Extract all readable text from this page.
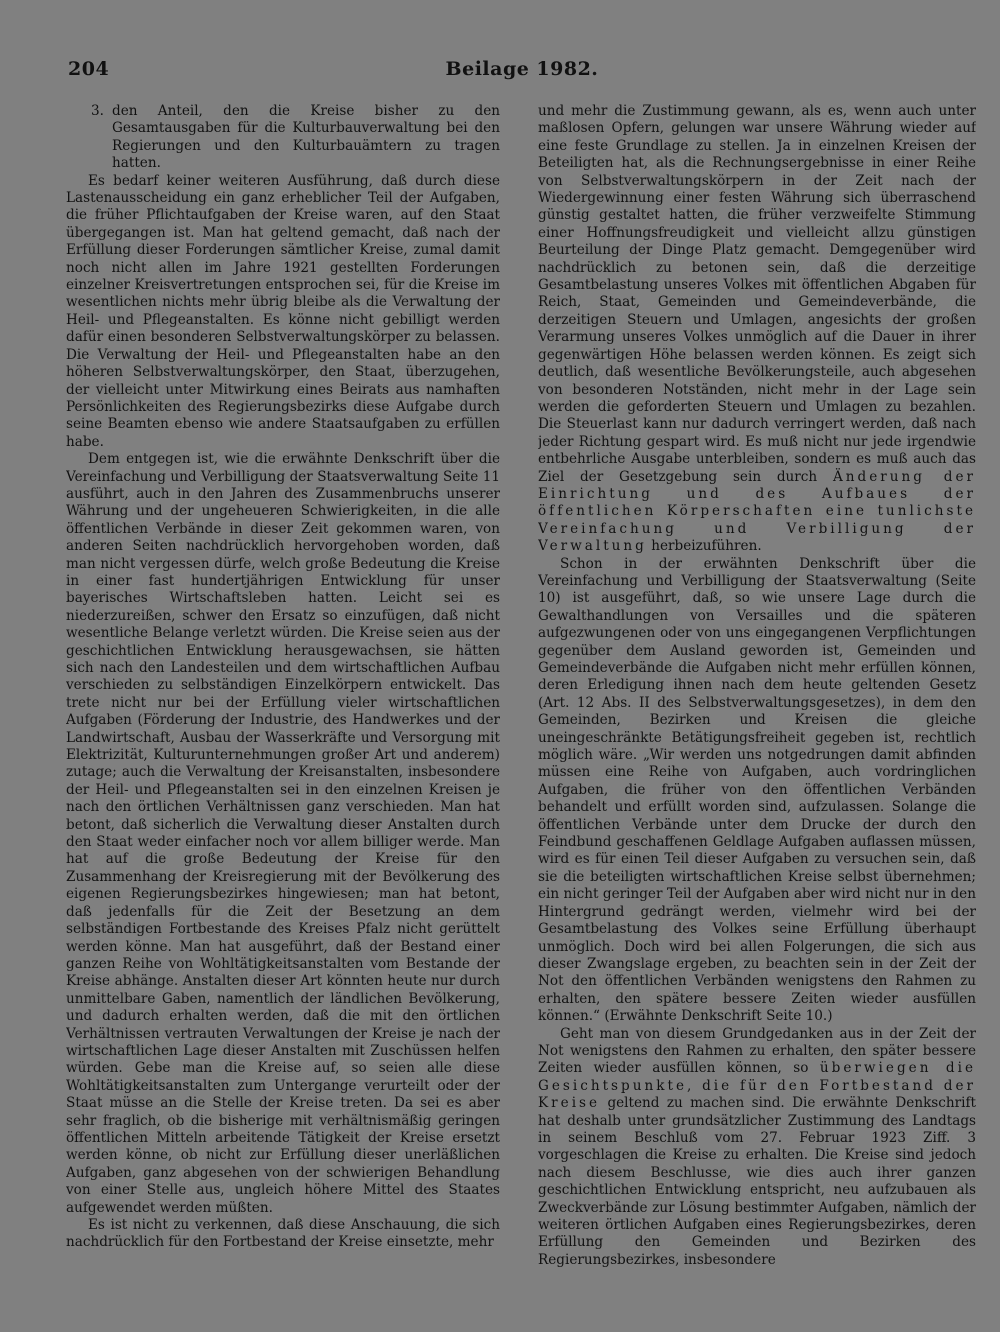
204	Beilage 1982.
3. den Anteil, den die Kreise bisher zu den Gesamtausgaben für die Kulturbauverwaltung bei den Regierungen und den Kulturbauämtern zu tragen hatten.

Es bedarf keiner weiteren Ausführung, daß durch diese Lastenausscheidung ein ganz erheblicher Teil der Aufgaben, die früher Pflichtaufgaben der Kreise waren, auf den Staat übergegangen ist. Man hat geltend gemacht, daß nach der Erfüllung dieser Forderungen sämtlicher Kreise, zumal damit noch nicht allen im Jahre 1921 gestellten Forderungen einzelner Kreisvertretungen entsprochen sei, für die Kreise im wesentlichen nichts mehr übrig bleibe als die Verwaltung der Heil- und Pflegeanstalten. Es könne nicht gebilligt werden dafür einen besonderen Selbstverwaltungskörper zu belassen. Die Verwaltung der Heil- und Pflegeanstalten habe an den höheren Selbstverwaltungskörper, den Staat, überzugehen, der vielleicht unter Mitwirkung eines Beirats aus namhaften Persönlichkeiten des Regierungsbezirks diese Aufgabe durch seine Beamten ebenso wie andere Staatsaufgaben zu erfüllen habe.

Dem entgegen ist, wie die erwähnte Denkschrift über die Vereinfachung und Verbilligung der Staatsverwaltung Seite 11 ausführt, auch in den Jahren des Zusammenbruchs unserer Währung und der ungeheueren Schwierigkeiten, in die alle öffentlichen Verbände in dieser Zeit gekommen waren, von anderen Seiten nachdrücklich hervorgehoben worden, daß man nicht vergessen dürfe, welch große Bedeutung die Kreise in einer fast hundertjährigen Entwicklung für unser bayerisches Wirtschaftsleben hatten. Leicht sei es niederzureißen, schwer den Ersatz so einzufügen, daß nicht wesentliche Belange verletzt würden. Die Kreise seien aus der geschichtlichen Entwicklung herausgewachsen, sie hätten sich nach den Landesteilen und dem wirtschaftlichen Aufbau verschieden zu selbständigen Einzelkörpern entwickelt. Das trete nicht nur bei der Erfüllung vieler wirtschaftlichen Aufgaben (Förderung der Industrie, des Handwerkes und der Landwirtschaft, Ausbau der Wasserkräfte und Versorgung mit Elektrizität, Kulturunternehmungen großer Art und anderem) zutage; auch die Verwaltung der Kreisanstalten, insbesondere der Heil- und Pflegeanstalten sei in den einzelnen Kreisen je nach den örtlichen Verhältnissen ganz verschieden. Man hat betont, daß sicherlich die Verwaltung dieser Anstalten durch den Staat weder einfacher noch vor allem billiger werde. Man hat auf die große Bedeutung der Kreise für den Zusammenhang der Kreisregierung mit der Bevölkerung des eigenen Regierungsbezirkes hingewiesen; man hat betont, daß jedenfalls für die Zeit der Besetzung an dem selbständigen Fortbestande des Kreises Pfalz nicht gerüttelt werden könne. Man hat ausgeführt, daß der Bestand einer ganzen Reihe von Wohltätigkeitsanstalten vom Bestande der Kreise abhänge. Anstalten dieser Art könnten heute nur durch unmittelbare Gaben, namentlich der ländlichen Bevölkerung, und dadurch erhalten werden, daß die mit den örtlichen Verhältnissen vertrauten Verwaltungen der Kreise je nach der wirtschaftlichen Lage dieser Anstalten mit Zuschüssen helfen würden. Gebe man die Kreise auf, so seien alle diese Wohltätigkeitsanstalten zum Untergange verurteilt oder der Staat müsse an die Stelle der Kreise treten. Da sei es aber sehr fraglich, ob die bisherige mit verhältnismäßig geringen öffentlichen Mitteln arbeitende Tätigkeit der Kreise ersetzt werden könne, ob nicht zur Erfüllung dieser unerläßlichen Aufgaben, ganz abgesehen von der schwierigen Behandlung von einer Stelle aus, ungleich höhere Mittel des Staates aufgewendet werden müßten.

Es ist nicht zu verkennen, daß diese Anschauung, die sich nachdrücklich für den Fortbestand der Kreise einsetzte, mehr

und mehr die Zustimmung gewann, als es, wenn auch unter maßlosen Opfern, gelungen war unsere Währung wieder auf eine feste Grundlage zu stellen. Ja in einzelnen Kreisen der Beteiligten hat, als die Rechnungsergebnisse in einer Reihe von Selbstverwaltungskörpern in der Zeit nach der Wiedergewinnung einer festen Währung sich überraschend günstig gestaltet hatten, die früher verzweifelte Stimmung einer Hoffnungsfreudigkeit und vielleicht allzu günstigen Beurteilung der Dinge Platz gemacht. Demgegenüber wird nachdrücklich zu betonen sein, daß die derzeitige Gesamtbelastung unseres Volkes mit öffentlichen Abgaben für Reich, Staat, Gemeinden und Gemeindeverbände, die derzeitigen Steuern und Umlagen, angesichts der großen Verarmung unseres Volkes unmöglich auf die Dauer in ihrer gegenwärtigen Höhe belassen werden können. Es zeigt sich deutlich, daß wesentliche Bevölkerungsteile, auch abgesehen von besonderen Notständen, nicht mehr in der Lage sein werden die geforderten Steuern und Umlagen zu bezahlen. Die Steuerlast kann nur dadurch verringert werden, daß nach jeder Richtung gespart wird. Es muß nicht nur jede irgendwie entbehrliche Ausgabe unterbleiben, sondern es muß auch das Ziel der Gesetzgebung sein durch Änderung der Einrichtung und des Aufbaues der öffentlichen Körperschaften eine tunlichste Vereinfachung und Verbilligung der Verwaltung herbeizuführen.

Schon in der erwähnten Denkschrift über die Vereinfachung und Verbilligung der Staatsverwaltung (Seite 10) ist ausgeführt, daß, so wie unsere Lage durch die Gewalthandlungen von Versailles und die späteren aufgezwungenen oder von uns eingegangenen Verpflichtungen gegenüber dem Ausland geworden ist, Gemeinden und Gemeindeverbände die Aufgaben nicht mehr erfüllen können, deren Erledigung ihnen nach dem heute geltenden Gesetz (Art. 12 Abs. II des Selbstverwaltungsgesetzes), in dem den Gemeinden, Bezirken und Kreisen die gleiche uneingeschränkte Betätigungsfreiheit gegeben ist, rechtlich möglich wäre. „Wir werden uns notgedrungen damit abfinden müssen eine Reihe von Aufgaben, auch vordringlichen Aufgaben, die früher von den öffentlichen Verbänden behandelt und erfüllt worden sind, aufzulassen. Solange die öffentlichen Verbände unter dem Drucke der durch den Feindbund geschaffenen Geldlage Aufgaben auflassen müssen, wird es für einen Teil dieser Aufgaben zu versuchen sein, daß sie die beteiligten wirtschaftlichen Kreise selbst übernehmen; ein nicht geringer Teil der Aufgaben aber wird nicht nur in den Hintergrund gedrängt werden, vielmehr wird bei der Gesamtbelastung des Volkes seine Erfüllung überhaupt unmöglich. Doch wird bei allen Folgerungen, die sich aus dieser Zwangslage ergeben, zu beachten sein in der Zeit der Not den öffentlichen Verbänden wenigstens den Rahmen zu erhalten, den spätere bessere Zeiten wieder ausfüllen können.“ (Erwähnte Denkschrift Seite 10.)

Geht man von diesem Grundgedanken aus in der Zeit der Not wenigstens den Rahmen zu erhalten, den später bessere Zeiten wieder ausfüllen können, so überwiegen die Gesichtspunkte, die für den Fortbestand der Kreise geltend zu machen sind. Die erwähnte Denkschrift hat deshalb unter grundsätzlicher Zustimmung des Landtags in seinem Beschluß vom 27. Februar 1923 Ziff. 3 vorgeschlagen die Kreise zu erhalten. Die Kreise sind jedoch nach diesem Beschlusse, wie dies auch ihrer ganzen geschichtlichen Entwicklung entspricht, neu aufzubauen als Zweckverbände zur Lösung bestimmter Aufgaben, nämlich der weiteren örtlichen Aufgaben eines Regierungsbezirkes, deren Erfüllung den Gemeinden und Bezirken des Regierungsbezirkes, insbesondere
